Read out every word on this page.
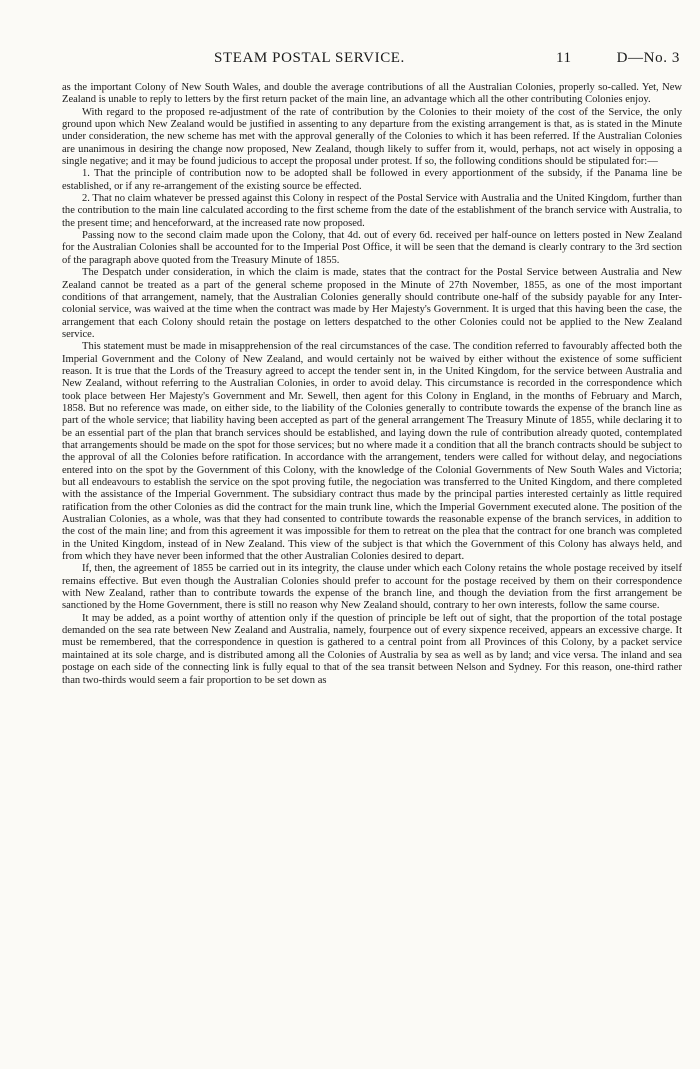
STEAM POSTAL SERVICE.	11	D—No. 3

as the important Colony of New South Wales, and double the average contributions of all the Australian Colonies, properly so-called. Yet, New Zealand is unable to reply to letters by the first return packet of the main line, an advantage which all the other contributing Colonies enjoy.

With regard to the proposed re-adjustment of the rate of contribution by the Colonies to their moiety of the cost of the Service, the only ground upon which New Zealand would be justified in assenting to any departure from the existing arrangement is that, as is stated in the Minute under consideration, the new scheme has met with the approval generally of the Colonies to which it has been referred. If the Australian Colonies are unanimous in desiring the change now proposed, New Zealand, though likely to suffer from it, would, perhaps, not act wisely in opposing a single negative; and it may be found judicious to accept the proposal under protest. If so, the following conditions should be stipulated for:—

1. That the principle of contribution now to be adopted shall be followed in every apportionment of the subsidy, if the Panama line be established, or if any re-arrangement of the existing source be effected.

2. That no claim whatever be pressed against this Colony in respect of the Postal Service with Australia and the United Kingdom, further than the contribution to the main line calculated according to the first scheme from the date of the establishment of the branch service with Australia, to the present time; and henceforward, at the increased rate now proposed.

Passing now to the second claim made upon the Colony, that 4d. out of every 6d. received per half-ounce on letters posted in New Zealand for the Australian Colonies shall be accounted for to the Imperial Post Office, it will be seen that the demand is clearly contrary to the 3rd section of the paragraph above quoted from the Treasury Minute of 1855.

The Despatch under consideration, in which the claim is made, states that the contract for the Postal Service between Australia and New Zealand cannot be treated as a part of the general scheme proposed in the Minute of 27th November, 1855, as one of the most important conditions of that arrangement, namely, that the Australian Colonies generally should contribute one-half of the subsidy payable for any Inter-colonial service, was waived at the time when the contract was made by Her Majesty's Government. It is urged that this having been the case, the arrangement that each Colony should retain the postage on letters despatched to the other Colonies could not be applied to the New Zealand service.

This statement must be made in misapprehension of the real circumstances of the case. The condition referred to favourably affected both the Imperial Government and the Colony of New Zealand, and would certainly not be waived by either without the existence of some sufficient reason. It is true that the Lords of the Treasury agreed to accept the tender sent in, in the United Kingdom, for the service between Australia and New Zealand, without referring to the Australian Colonies, in order to avoid delay. This circumstance is recorded in the correspondence which took place between Her Majesty's Government and Mr. Sewell, then agent for this Colony in England, in the months of February and March, 1858. But no reference was made, on either side, to the liability of the Colonies generally to contribute towards the expense of the branch line as part of the whole service; that liability having been accepted as part of the general arrangement The Treasury Minute of 1855, while declaring it to be an essential part of the plan that branch services should be established, and laying down the rule of contribution already quoted, contemplated that arrangements should be made on the spot for those services; but no where made it a condition that all the branch contracts should be subject to the approval of all the Colonies before ratification. In accordance with the arrangement, tenders were called for without delay, and negociations entered into on the spot by the Government of this Colony, with the knowledge of the Colonial Governments of New South Wales and Victoria; but all endeavours to establish the service on the spot proving futile, the negociation was transferred to the United Kingdom, and there completed with the assistance of the Imperial Government. The subsidiary contract thus made by the principal parties interested certainly as little required ratification from the other Colonies as did the contract for the main trunk line, which the Imperial Government executed alone. The position of the Australian Colonies, as a whole, was that they had consented to contribute towards the reasonable expense of the branch services, in addition to the cost of the main line; and from this agreement it was impossible for them to retreat on the plea that the contract for one branch was completed in the United Kingdom, instead of in New Zealand. This view of the subject is that which the Government of this Colony has always held, and from which they have never been informed that the other Australian Colonies desired to depart.

If, then, the agreement of 1855 be carried out in its integrity, the clause under which each Colony retains the whole postage received by itself remains effective. But even though the Australian Colonies should prefer to account for the postage received by them on their correspondence with New Zealand, rather than to contribute towards the expense of the branch line, and though the deviation from the first arrangement be sanctioned by the Home Government, there is still no reason why New Zealand should, contrary to her own interests, follow the same course.

It may be added, as a point worthy of attention only if the question of principle be left out of sight, that the proportion of the total postage demanded on the sea rate between New Zealand and Australia, namely, fourpence out of every sixpence received, appears an excessive charge. It must be remembered, that the correspondence in question is gathered to a central point from all Provinces of this Colony, by a packet service maintained at its sole charge, and is distributed among all the Colonies of Australia by sea as well as by land; and vice versa. The inland and sea postage on each side of the connecting link is fully equal to that of the sea transit between Nelson and Sydney. For this reason, one-third rather than two-thirds would seem a fair proportion to be set down as
